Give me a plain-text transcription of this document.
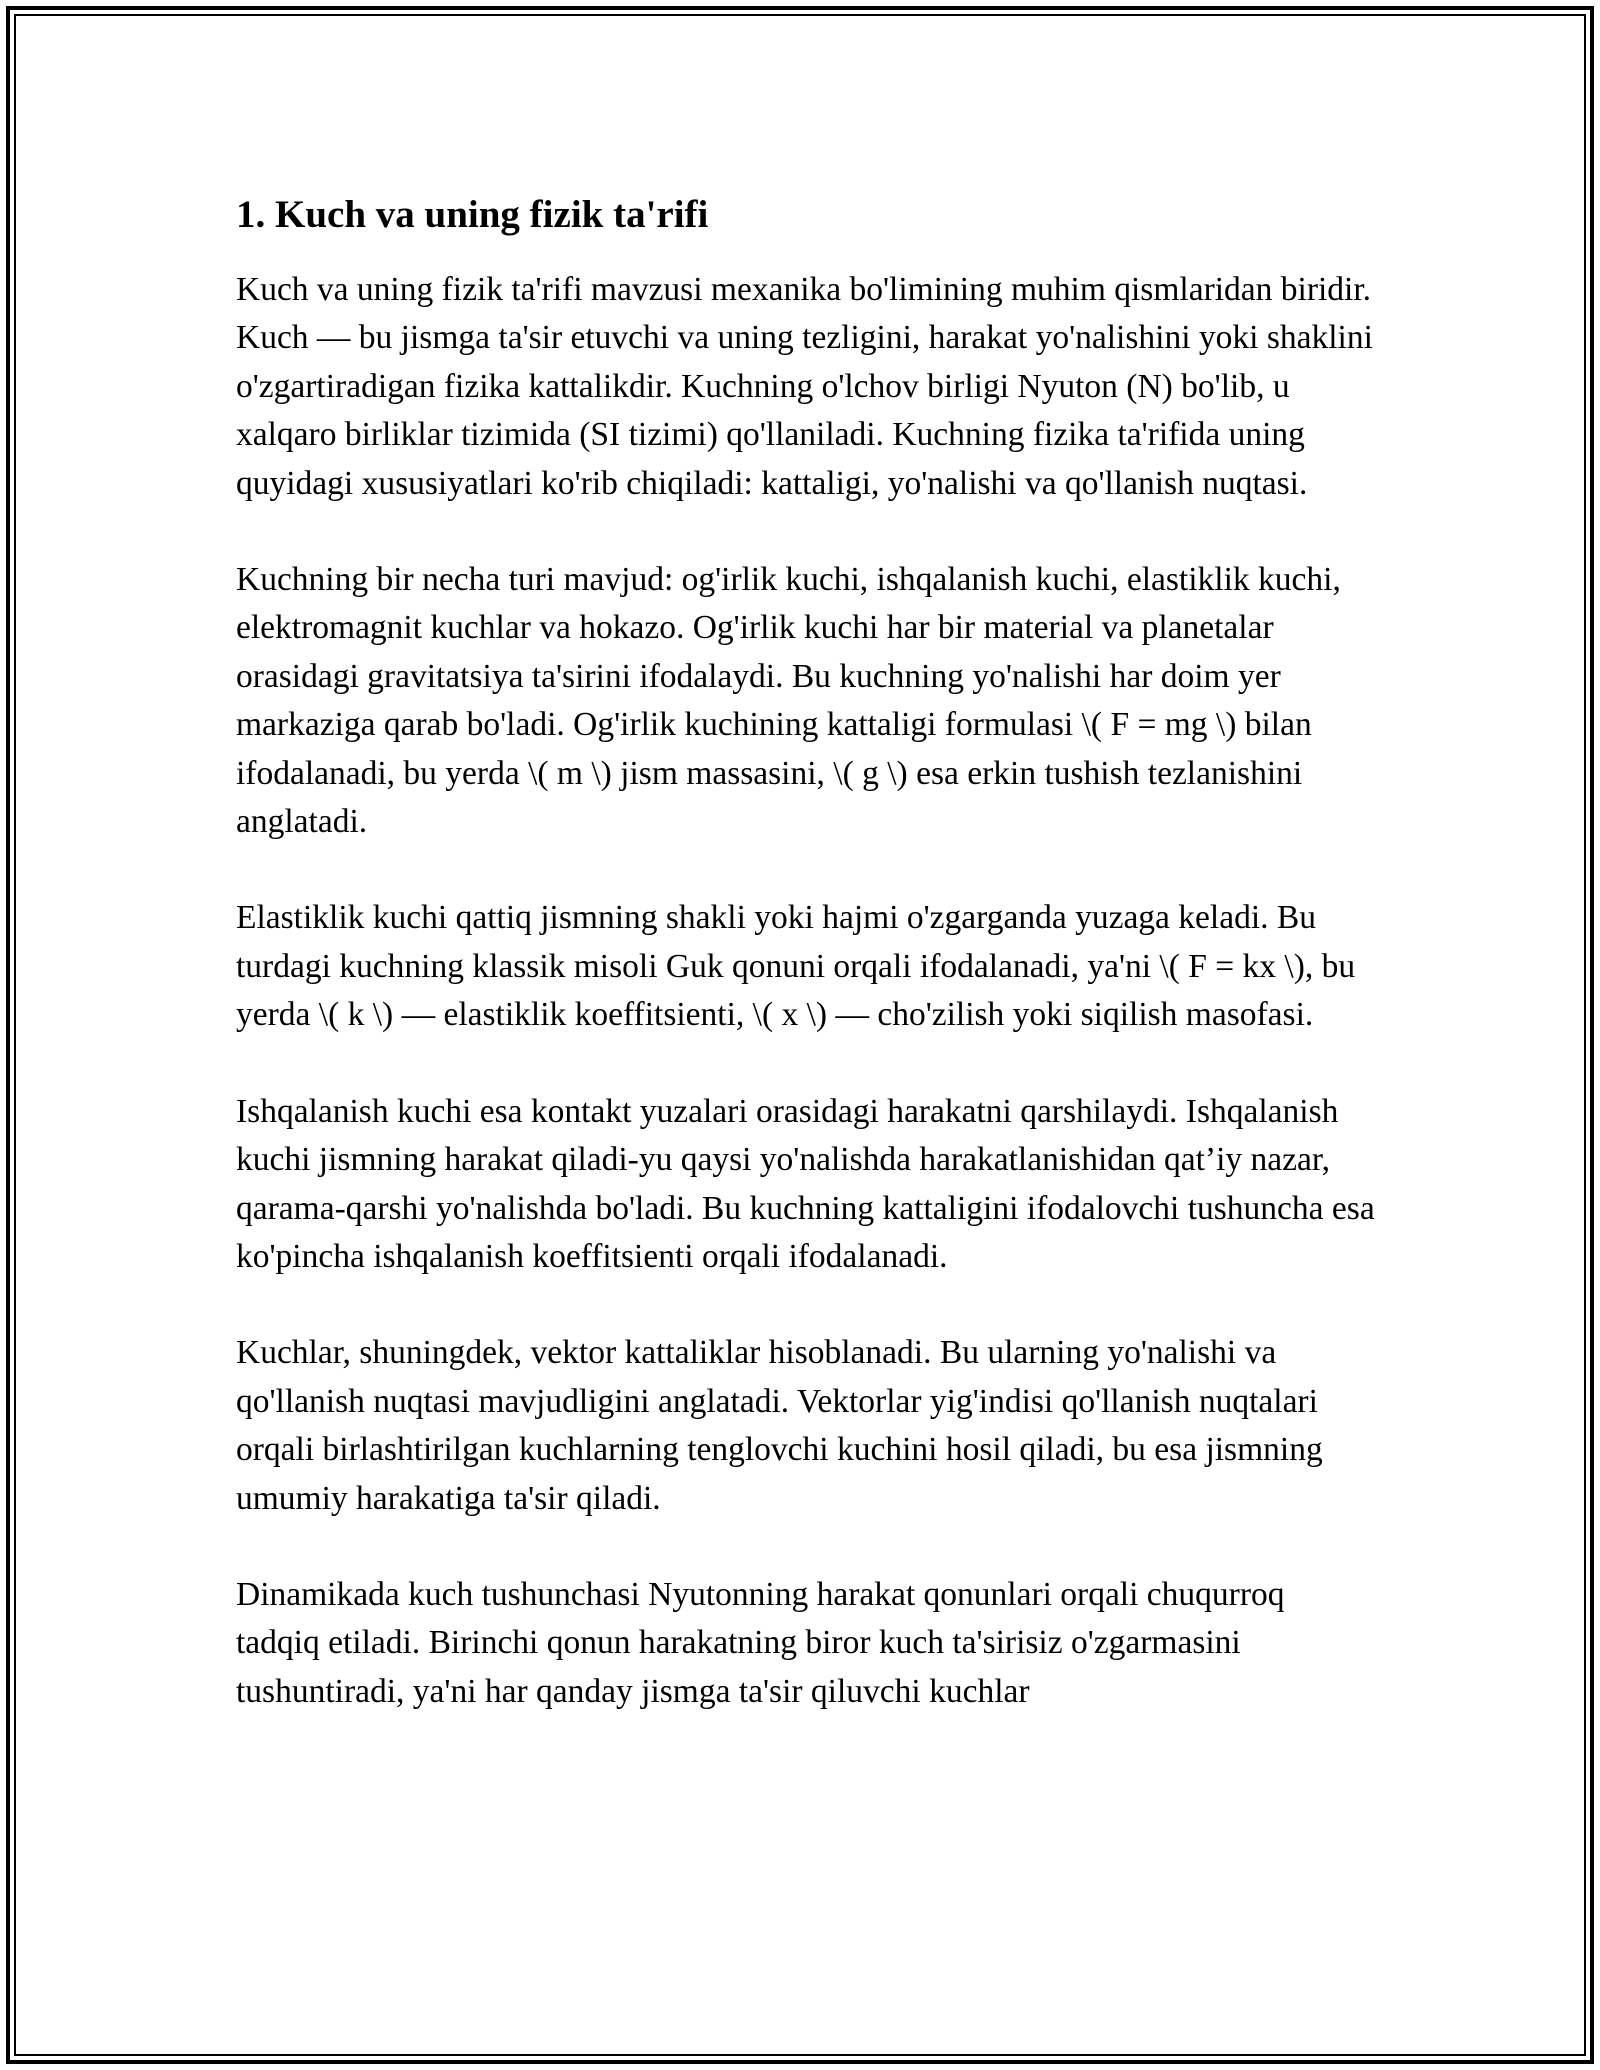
1. Kuch va uning fizik ta'rifi

Kuch va uning fizik ta'rifi mavzusi mexanika bo'limining muhim qismlaridan biridir. Kuch — bu jismga ta'sir etuvchi va uning tezligini, harakat yo'nalishini yoki shaklini o'zgartiradigan fizika kattalikdir. Kuchning o'lchov birligi Nyuton (N) bo'lib, u xalqaro birliklar tizimida (SI tizimi) qo'llaniladi. Kuchning fizika ta'rifida uning quyidagi xususiyatlari ko'rib chiqiladi: kattaligi, yo'nalishi va qo'llanish nuqtasi.

Kuchning bir necha turi mavjud: og'irlik kuchi, ishqalanish kuchi, elastiklik kuchi, elektromagnit kuchlar va hokazo. Og'irlik kuchi har bir material va planetalar orasidagi gravitatsiya ta'sirini ifodalaydi. Bu kuchning yo'nalishi har doim yer markaziga qarab bo'ladi. Og'irlik kuchining kattaligi formulasi \( F = mg \) bilan ifodalanadi, bu yerda \( m \) jism massasini, \( g \) esa erkin tushish tezlanishini anglatadi.

Elastiklik kuchi qattiq jismning shakli yoki hajmi o'zgarganda yuzaga keladi. Bu turdagi kuchning klassik misoli Guk qonuni orqali ifodalanadi, ya'ni \( F = kx \), bu yerda \( k \) — elastiklik koeffitsienti, \( x \) — cho'zilish yoki siqilish masofasi.

Ishqalanish kuchi esa kontakt yuzalari orasidagi harakatni qarshilaydi. Ishqalanish kuchi jismning harakat qiladi-yu qaysi yo'nalishda harakatlanishidan qat’iy nazar, qarama-qarshi yo'nalishda bo'ladi. Bu kuchning kattaligini ifodalovchi tushuncha esa ko'pincha ishqalanish koeffitsienti orqali ifodalanadi.

Kuchlar, shuningdek, vektor kattaliklar hisoblanadi. Bu ularning yo'nalishi va qo'llanish nuqtasi mavjudligini anglatadi. Vektorlar yig'indisi qo'llanish nuqtalari orqali birlashtirilgan kuchlarning tenglovchi kuchini hosil qiladi, bu esa jismning umumiy harakatiga ta'sir qiladi.

Dinamikada kuch tushunchasi Nyutonning harakat qonunlari orqali chuqurroq tadqiq etiladi. Birinchi qonun harakatning biror kuch ta'sirisiz o'zgarmasini tushuntiradi, ya'ni har qanday jismga ta'sir qiluvchi kuchlar
